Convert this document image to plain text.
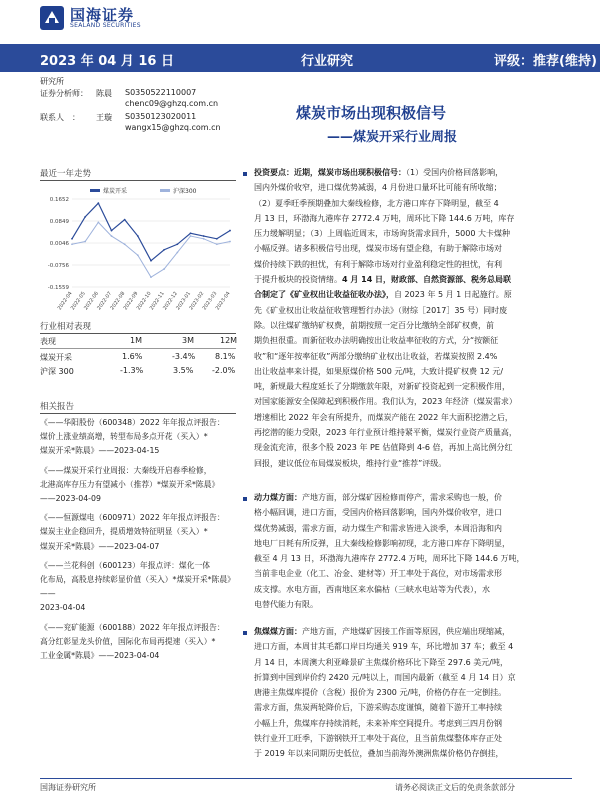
国海证券
SEALAND SECURITIES
2023 年 04 月 16 日	行业研究	评级：推荐(维持)
研究所
证券分析师： 陈晨 S0350522110007
chenc09@ghzq.com.cn
联系人　： 王璇 S0350123020011
wangx15@ghzq.com.cn
煤炭市场出现积极信号
——煤炭开采行业周报
最近一年走势
煤炭开采	沪深300
0.1652
0.0849
0.0046
-0.0756
-0.1559
2022-04
2022-05
2022-06
2022-07
2022-08
2022-09
2022-10
2022-11
2022-12
2023-01
2023-02
2023-03
2023-04
行业相对表现
表现	1M	3M	12M
煤炭开采	1.6%	-3.4% 8.1%
沪深 300	-1.3%	3.5% -2.0%
相关报告
《——华阳股份（600348）2022 年年报点评报告：
煤价上涨业绩高增，转型布局多点开花（买入）*
煤炭开采*陈晨》——2023-04-15
《——煤炭开采行业周报：大秦线开启春季检修，
北港高库存压力有望减小（推荐）*煤炭开采*陈晨》
——2023-04-09
《——恒源煤电（600971）2022 年年报点评报告：
煤炭主业企稳回升，提质增效特征明显（买入）*
煤炭开采*陈晨》——2023-04-07
《——兰花科创（600123）年报点评：煤化一体
化布局，高股息持续彰显价值（买入）*煤炭开采*陈晨》——
2023-04-04
《——兖矿能源（600188）2022 年年报点评报告：
高分红彰显龙头价值，国际化布局再提速（买入）*
工业金属*陈晨》——2023-04-04
投资要点：近期，煤炭市场出现积极信号：（1）受国内价格回落影响，
国内外煤价收窄，进口煤优势减弱，4 月份进口量环比可能有所收缩；
（2）夏季旺季预期叠加大秦线检修，北方港口库存下降明显，截至 4
月 13 日，环渤海九港库存 2772.4 万吨，周环比下降 144.6 万吨，库存
压力缓解明显；（3）上周临近周末，市场询货需求回升，5000 大卡煤种
小幅反弹。诸多积极信号出现，煤炭市场有望企稳，有助于解除市场对
煤价持续下跌的担忧，有利于解除市场对行业盈利稳定性的担忧，有利
于提升板块的投资情绪。4 月 14 日，财政部、自然资源部、税务总局联
合制定了《矿业权出让收益征收办法》，自 2023 年 5 月 1 日起施行。原
先《矿业权出让收益征收管理暂行办法》（财综［2017］35 号）同时废
除。以往煤矿缴纳矿权费，前期按照一定百分比缴纳全部矿权费，前
期负担很重。而新征收办法明确按出让收益率征收的方式，分“按额征
收”和“逐年按率征收”两部分缴纳矿业权出让收益，若煤炭按照 2.4%
出让收益率来计提，如果原煤价格 500 元/吨，大致计提矿权费 12 元/
吨，新规最大程度延长了分期缴款年限，对新矿投资起到一定积极作用，
对国家能源安全保障起到积极作用。我们认为，2023 年经济（煤炭需求）
增速相比 2022 年会有所提升，而煤炭产能在 2022 年大面积挖潜之后，
再挖潜的能力受限，2023 年行业预计维持紧平衡，煤炭行业资产质量高，
现金流充沛，很多个股 2023 年 PE 估值降到 4-6 倍，再加上高比例分红
回报，建议低位布局煤炭板块，维持行业“推荐”评级。
动力煤方面：产地方面，部分煤矿因检修而停产，需求采购也一般，价
格小幅回调，进口方面，受国内价格回落影响，国内外煤价收窄，进口
煤优势减弱，需求方面，动力煤生产和需求皆进入淡季，本周沿海和内
地电厂日耗有所反弹，且大秦线检修影响初现，北方港口库存下降明显，
截至 4 月 13 日，环渤海九港库存 2772.4 万吨，周环比下降 144.6 万吨，
当前非电企业（化工、冶金、建材等）开工率处于高位，对市场需求形
成支撑。水电方面，西南地区来水偏枯（三峡水电站等为代表），水
电替代能力有限。
焦煤煤方面：产地方面，产地煤矿因接工作面等原因，供应端出现缩减，
进口方面，本周甘其毛都口岸日均通关 919 车，环比增加 37 车；截至 4
月 14 日，本周澳大利亚峰景矿主焦煤价格环比下降至 297.6 美元/吨，
折算到中国到岸价约 2420 元/吨以上，而国内最新（截至 4 月 14 日）京
唐港主焦煤库提价（含税）报价为 2300 元/吨，价格仍存在一定倒挂。
需求方面，焦炭两轮降价后，下游采购态度谨慎，随着下游开工率持续
小幅上升，焦煤库存持续消耗，未来补库空间提升。考虑到三四月份钢
铁行业开工旺季，下游钢铁开工率处于高位，且当前焦煤整体库存正处
于 2019 年以来同期历史低位，叠加当前海外澳洲焦煤价格仍存倒挂，
国海证券研究所	请务必阅读正文后的免责条款部分
